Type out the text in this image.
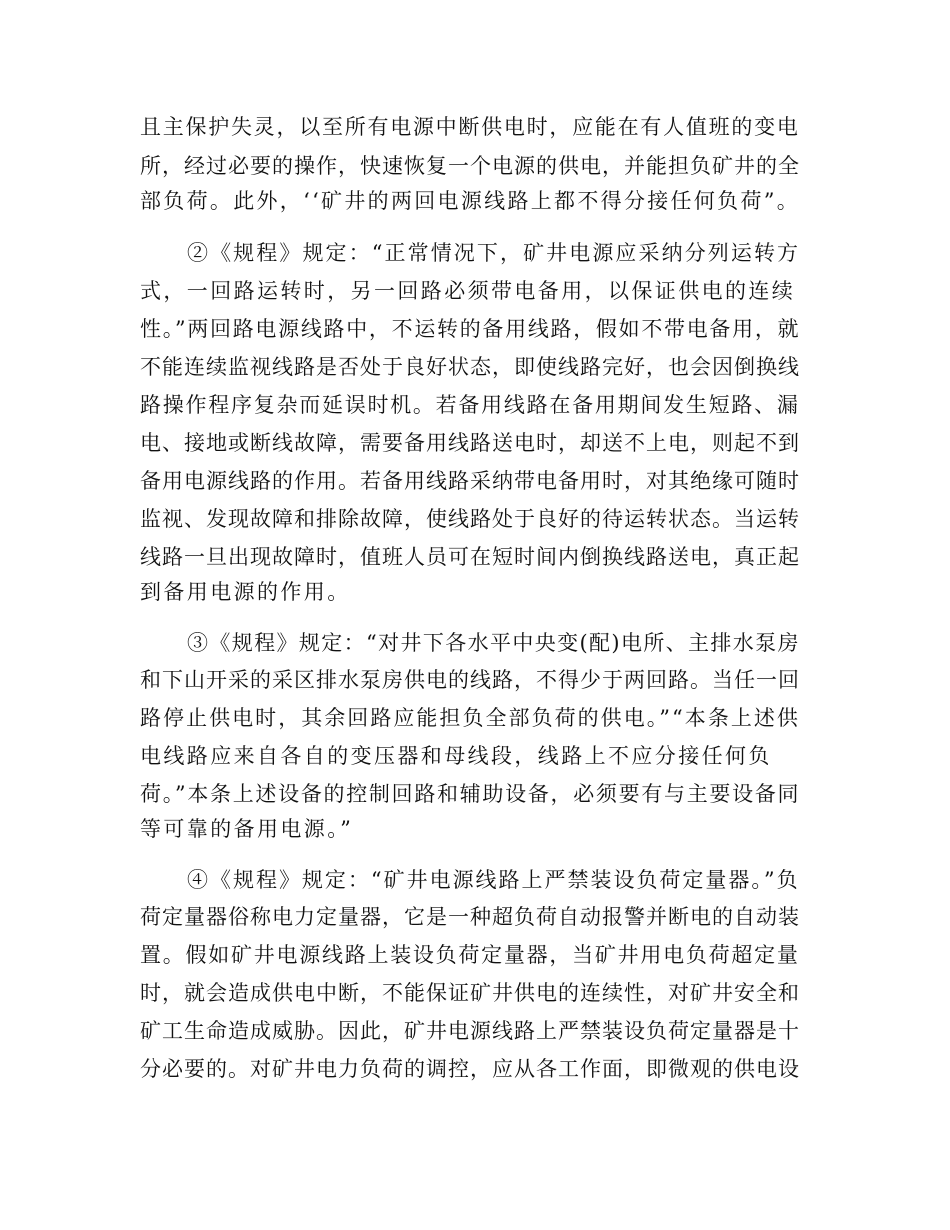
且主保护失灵，以至所有电源中断供电时，应能在有人值班的变电
所，经过必要的操作，快速恢复一个电源的供电，并能担负矿井的全
部负荷。此外，‘‘矿井的两回电源线路上都不得分接任何负荷”。
②《规程》规定：“正常情况下，矿井电源应采纳分列运转方
式，一回路运转时，另一回路必须带电备用，以保证供电的连续
性。”两回路电源线路中，不运转的备用线路，假如不带电备用，就
不能连续监视线路是否处于良好状态，即使线路完好，也会因倒换线
路操作程序复杂而延误时机。若备用线路在备用期间发生短路、漏
电、接地或断线故障，需要备用线路送电时，却送不上电，则起不到
备用电源线路的作用。若备用线路采纳带电备用时，对其绝缘可随时
监视、发现故障和排除故障，使线路处于良好的待运转状态。当运转
线路一旦出现故障时，值班人员可在短时间内倒换线路送电，真正起
到备用电源的作用。
③《规程》规定：“对井下各水平中央变(配)电所、主排水泵房
和下山开采的采区排水泵房供电的线路，不得少于两回路。当任一回
路停止供电时，其余回路应能担负全部负荷的供电。”“本条上述供
电线路应来自各自的变压器和母线段，线路上不应分接任何负
荷。”本条上述设备的控制回路和辅助设备，必须要有与主要设备同
等可靠的备用电源。”
④《规程》规定：“矿井电源线路上严禁装设负荷定量器。”负
荷定量器俗称电力定量器，它是一种超负荷自动报警并断电的自动装
置。假如矿井电源线路上装设负荷定量器，当矿井用电负荷超定量
时，就会造成供电中断，不能保证矿井供电的连续性，对矿井安全和
矿工生命造成威胁。因此，矿井电源线路上严禁装设负荷定量器是十
分必要的。对矿井电力负荷的调控，应从各工作面，即微观的供电设
